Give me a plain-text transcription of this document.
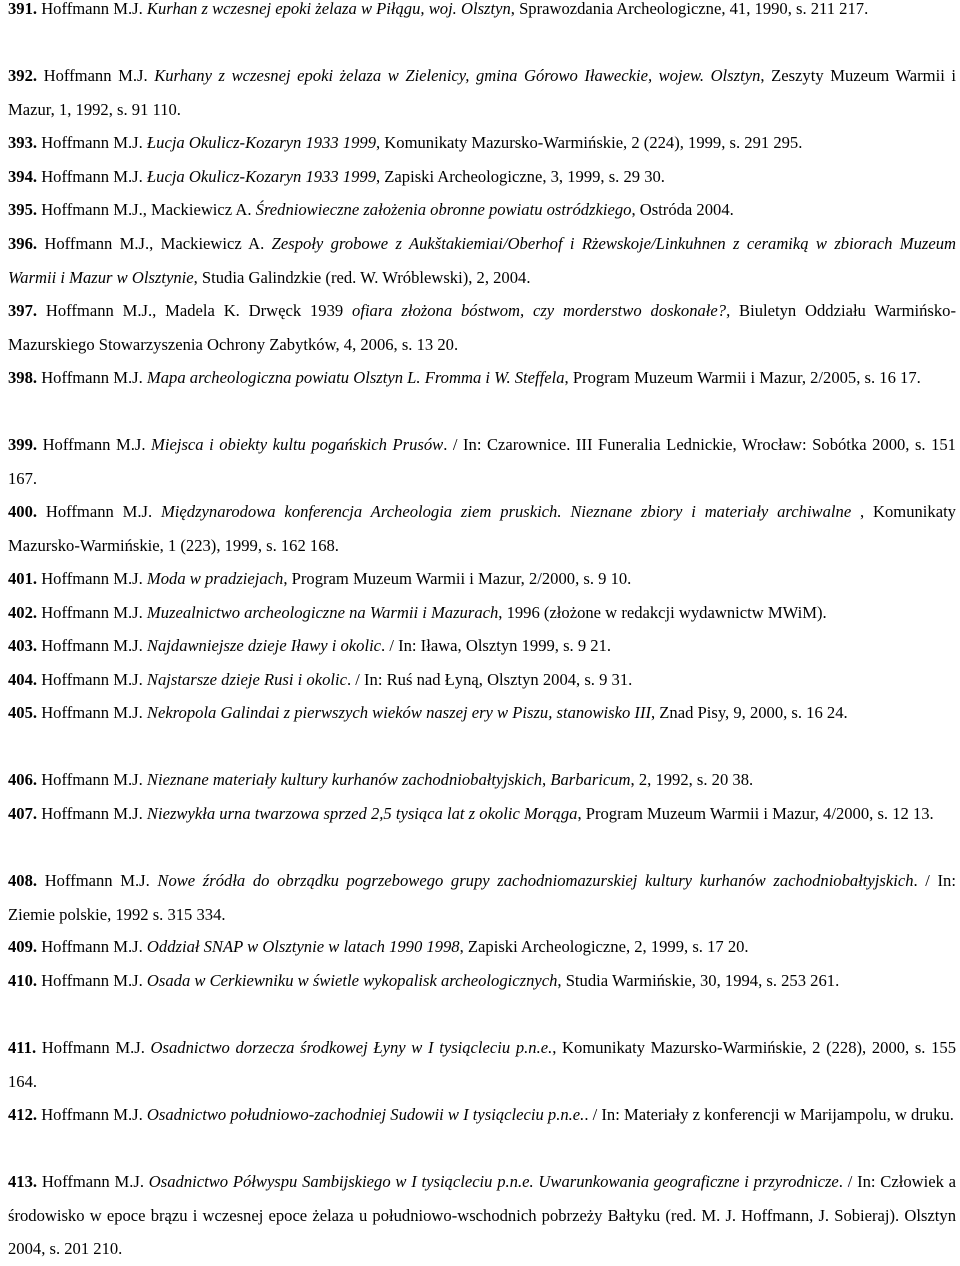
391. Hoffmann M.J. Kurhan z wczesnej epoki żelaza w Piłągu, woj. Olsztyn, Sprawozdania Archeologiczne, 41, 1990, s. 211 217.
392. Hoffmann M.J. Kurhany z wczesnej epoki żelaza w Zielenicy, gmina Górowo Iławeckie, wojew. Olsztyn, Zeszyty Muzeum Warmii i Mazur, 1, 1992, s. 91 110.
393. Hoffmann M.J. Łucja Okulicz-Kozaryn 1933 1999, Komunikaty Mazursko-Warmińskie, 2 (224), 1999, s. 291 295.
394. Hoffmann M.J. Łucja Okulicz-Kozaryn 1933 1999, Zapiski Archeologiczne, 3, 1999, s. 29 30.
395. Hoffmann M.J., Mackiewicz A. Średniowieczne założenia obronne powiatu ostródzkiego, Ostróda 2004.
396. Hoffmann M.J., Mackiewicz A. Zespoły grobowe z Aukštakiemiai/Oberhof i Rżewskoje/Linkuhnen z ceramiką w zbiorach Muzeum Warmii i Mazur w Olsztynie, Studia Galindzkie (red. W. Wróblewski), 2, 2004.
397. Hoffmann M.J., Madela K. Drwęck 1939 ofiara złożona bóstwom, czy morderstwo doskonałe?, Biuletyn Oddziału Warmińsko-Mazurskiego Stowarzyszenia Ochrony Zabytków, 4, 2006, s. 13 20.
398. Hoffmann M.J. Mapa archeologiczna powiatu Olsztyn L. Fromma i W. Steffela, Program Muzeum Warmii i Mazur, 2/2005, s. 16 17.
399. Hoffmann M.J. Miejsca i obiekty kultu pogańskich Prusów. / In: Czarownice. III Funeralia Lednickie, Wrocław: Sobótka 2000, s. 151 167.
400. Hoffmann M.J. Międzynarodowa konferencja Archeologia ziem pruskich. Nieznane zbiory i materiały archiwalne , Komunikaty Mazursko-Warmińskie, 1 (223), 1999, s. 162 168.
401. Hoffmann M.J. Moda w pradziejach, Program Muzeum Warmii i Mazur, 2/2000, s. 9 10.
402. Hoffmann M.J. Muzealnictwo archeologiczne na Warmii i Mazurach, 1996 (złożone w redakcji wydawnictw MWiM).
403. Hoffmann M.J. Najdawniejsze dzieje Iławy i okolic. / In: Iława, Olsztyn 1999, s. 9 21.
404. Hoffmann M.J. Najstarsze dzieje Rusi i okolic. / In: Ruś nad Łyną, Olsztyn 2004, s. 9 31.
405. Hoffmann M.J. Nekropola Galindai z pierwszych wieków naszej ery w Piszu, stanowisko III, Znad Pisy, 9, 2000, s. 16 24.
406. Hoffmann M.J. Nieznane materiały kultury kurhanów zachodniobałtyjskich, Barbaricum, 2, 1992, s. 20 38.
407. Hoffmann M.J. Niezwykła urna twarzowa sprzed 2,5 tysiąca lat z okolic Morąga, Program Muzeum Warmii i Mazur, 4/2000, s. 12 13.
408. Hoffmann M.J. Nowe źródła do obrządku pogrzebowego grupy zachodniomazurskiej kultury kurhanów zachodniobałtyjskich. / In: Ziemie polskie, 1992 s. 315 334.
409. Hoffmann M.J. Oddział SNAP w Olsztynie w latach 1990 1998, Zapiski Archeologiczne, 2, 1999, s. 17 20.
410. Hoffmann M.J. Osada w Cerkiewniku w świetle wykopalisk archeologicznych, Studia Warmińskie, 30, 1994, s. 253 261.
411. Hoffmann M.J. Osadnictwo dorzecza środkowej Łyny w I tysiącleciu p.n.e., Komunikaty Mazursko-Warmińskie, 2 (228), 2000, s. 155 164.
412. Hoffmann M.J. Osadnictwo południowo-zachodniej Sudowii w I tysiącleciu p.n.e.. / In: Materiały z konferencji w Marijampolu, w druku.
413. Hoffmann M.J. Osadnictwo Półwyspu Sambijskiego w I tysiącleciu p.n.e. Uwarunkowania geograficzne i przyrodnicze. / In: Człowiek a środowisko w epoce brązu i wczesnej epoce żelaza u południowo-wschodnich pobrzeży Bałtyku (red. M. J. Hoffmann, J. Sobieraj). Olsztyn 2004, s. 201 210.
